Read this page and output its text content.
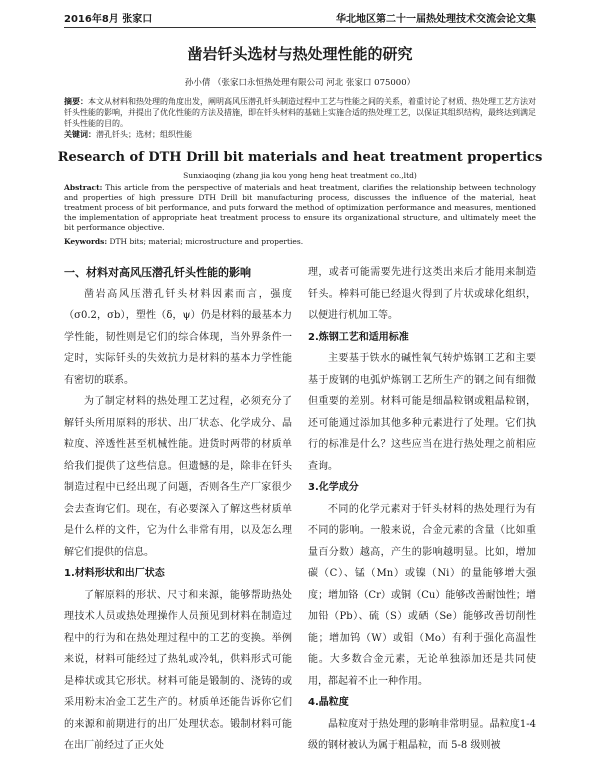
2016年8月 张家口	华北地区第二十一届热处理技术交流会论文集
凿岩钎头选材与热处理性能的研究
孙小倩 （张家口永恒热处理有限公司 河北 张家口 075000）
摘要：本文从材料和热处理的角度出发，阐明高风压潜孔钎头制造过程中工艺与性能之间的关系，着重讨论了材质、热处理工艺方法对钎头性能的影响，并提出了优化性能的方法及措施，即在钎头材料的基础上实施合适的热处理工艺，以保证其组织结构，最终达到满足钎头性能的目的。
关键词：潜孔钎头；选材；组织性能
Research of DTH Drill bit materials and heat treatment propertics
Sunxiaoqing (zhang jia kou yong heng heat treatment co.,ltd)
Abstract: This article from the perspective of materials and heat treatment, clarifies the relationship between technology and properties of high pressure DTH Drill bit manufacturing process, discusses the influence of the material, heat treatment process of bit performance, and puts forward the method of optimization performance and measures, mentioned the implementation of appropriate heat treatment process to ensure its organizational structure, and ultimately meet the bit performance objective.
Keywords: DTH bits; material; microstructure and properties.

一、材料对高风压潜孔钎头性能的影响

凿岩高风压潜孔钎头材料因素而言，强度（σ0.2，σb），塑性（δ，ψ）仍是材料的最基本力学性能，韧性则是它们的综合体现，当外界条件一定时，实际钎头的失效抗力是材料的基本力学性能有密切的联系。

为了制定材料的热处理工艺过程，必须充分了解钎头所用原料的形状、出厂状态、化学成分、晶粒度、淬透性甚至机械性能。进货时两带的材质单给我们提供了这些信息。但遗憾的是，除非在钎头制造过程中已经出现了问题，否则各生产厂家很少会去查询它们。现在，有必要深入了解这些材质单是什么样的文件，它为什么非常有用，以及怎么理解它们提供的信息。

1.材料形状和出厂状态

了解原料的形状、尺寸和来源，能够帮助热处理技术人员或热处理操作人员预见到材料在制造过程中的行为和在热处理过程中的工艺的变换。举例来说，材料可能经过了热轧或冷轧，供料形式可能是棒状或其它形状。材料可能是锻制的、浇铸的或采用粉末冶金工艺生产的。材质单还能告诉你它们的来源和前期进行的出厂处理状态。锻制材料可能在出厂前经过了正火处

理，或者可能需要先进行这类出来后才能用来制造钎头。棒料可能已经退火得到了片状或球化组织，以便进行机加工等。

2.炼钢工艺和适用标准

主要基于铁水的碱性氧气转炉炼钢工艺和主要基于废钢的电弧炉炼钢工艺所生产的钢之间有细微但重要的差别。材料可能是细晶粒钢或粗晶粒钢，还可能通过添加其他多种元素进行了处理。它们执行的标准是什么？这些应当在进行热处理之前相应查询。

3.化学成分

不同的化学元素对于钎头材料的热处理行为有不同的影响。一般来说，合金元素的含量（比如重量百分数）越高，产生的影响越明显。比如，增加碳（C）、锰（Mn）或镍（Ni）的量能够增大强度；增加铬（Cr）或铜（Cu）能够改善耐蚀性；增加铅（Pb）、硫（S）或硒（Se）能够改善切削性能；增加钨（W）或钼（Mo）有利于强化高温性能。大多数合金元素，无论单独添加还是共同使用，都起着不止一种作用。

4.晶粒度

晶粒度对于热处理的影响非常明显。晶粒度1-4 级的钢材被认为属于粗晶粒，而 5-8 级则被
